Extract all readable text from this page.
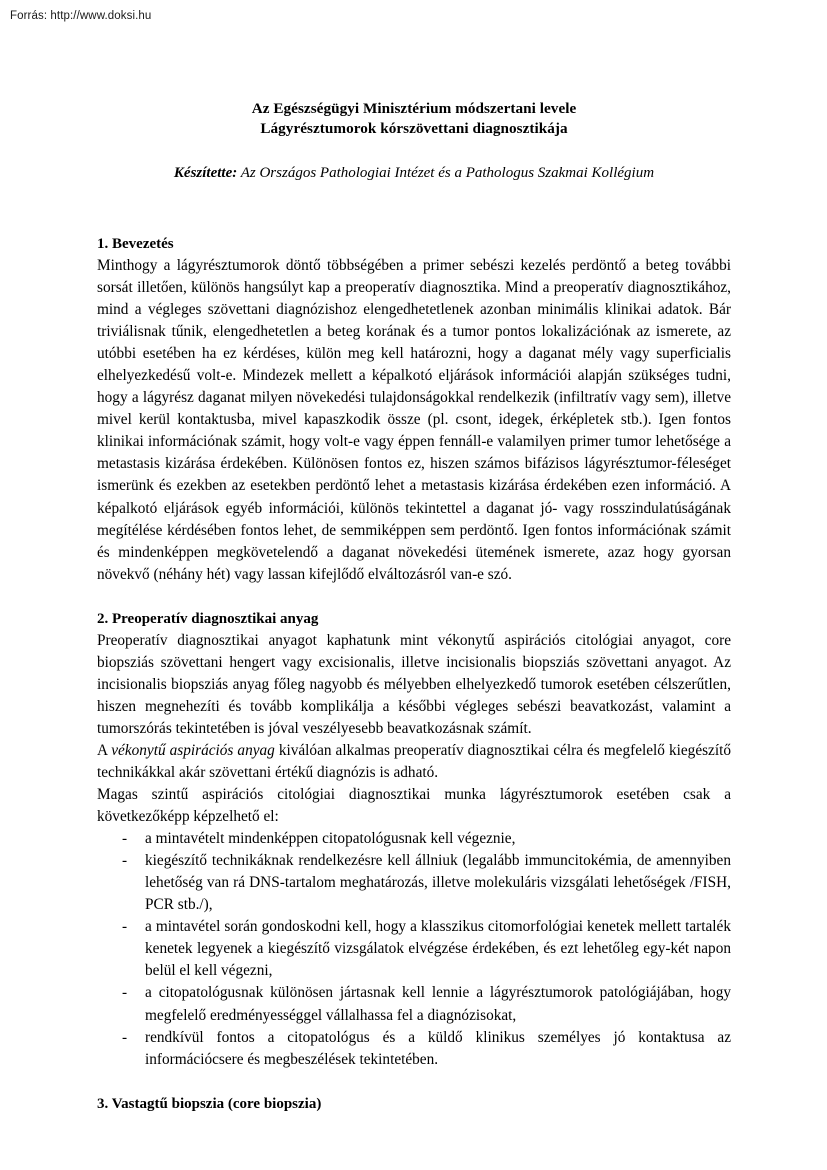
Forrás: http://www.doksi.hu
Az Egészségügyi Minisztérium módszertani levele
Lágyrésztumorok kórszövettani diagnosztikája
Készítette: Az Országos Pathologiai Intézet és a Pathologus Szakmai Kollégium
1. Bevezetés

Minthogy a lágyrésztumorok döntő többségében a primer sebészi kezelés perdöntő a beteg további sorsát illetően, különös hangsúlyt kap a preoperatív diagnosztika. Mind a preoperatív diagnosztikához, mind a végleges szövettani diagnózishoz elengedhetetlenek azonban minimális klinikai adatok. Bár triviálisnak tűnik, elengedhetetlen a beteg korának és a tumor pontos lokalizációnak az ismerete, az utóbbi esetében ha ez kérdéses, külön meg kell határozni, hogy a daganat mély vagy superficialis elhelyezkedésű volt-e. Mindezek mellett a képalkotó eljárások információi alapján szükséges tudni, hogy a lágyrész daganat milyen növekedési tulajdonságokkal rendelkezik (infiltratív vagy sem), illetve mivel kerül kontaktusba, mivel kapaszkodik össze (pl. csont, idegek, érképletek stb.). Igen fontos klinikai információnak számit, hogy volt-e vagy éppen fennáll-e valamilyen primer tumor lehetősége a metastasis kizárása érdekében. Különösen fontos ez, hiszen számos bifázisos lágyrésztumor-féleséget ismerünk és ezekben az esetekben perdöntő lehet a metastasis kizárása érdekében ezen információ. A képalkotó eljárások egyéb információi, különös tekintettel a daganat jó- vagy rosszindulatúságának megítélése kérdésében fontos lehet, de semmiképpen sem perdöntő. Igen fontos információnak számit és mindenképpen megkövetelendő a daganat növekedési ütemének ismerete, azaz hogy gyorsan növekvő (néhány hét) vagy lassan kifejlődő elváltozásról van-e szó.

2. Preoperatív diagnosztikai anyag

Preoperatív diagnosztikai anyagot kaphatunk mint vékonytű aspirációs citológiai anyagot, core biopsziás szövettani hengert vagy excisionalis, illetve incisionalis biopsziás szövettani anyagot. Az incisionalis biopsziás anyag főleg nagyobb és mélyebben elhelyezkedő tumorok esetében célszerűtlen, hiszen megnehezíti és tovább komplikálja a későbbi végleges sebészi beavatkozást, valamint a tumorszórás tekintetében is jóval veszélyesebb beavatkozásnak számít.

A vékonytű aspirációs anyag kiválóan alkalmas preoperatív diagnosztikai célra és megfelelő kiegészítő technikákkal akár szövettani értékű diagnózis is adható.

Magas szintű aspirációs citológiai diagnosztikai munka lágyrésztumorok esetében csak a következőképp képzelhető el:

- a mintavételt mindenképpen citopatológusnak kell végeznie,
- kiegészítő technikáknak rendelkezésre kell állniuk (legalább immuncitokémia, de amennyiben lehetőség van rá DNS-tartalom meghatározás, illetve molekuláris vizsgálati lehetőségek /FISH, PCR stb./),
- a mintavétel során gondoskodni kell, hogy a klasszikus citomorfológiai kenetek mellett tartalék kenetek legyenek a kiegészítő vizsgálatok elvégzése érdekében, és ezt lehetőleg egy-két napon belül el kell végezni,
- a citopatológusnak különösen jártasnak kell lennie a lágyrésztumorok patológiájában, hogy megfelelő eredményességgel vállalhassa fel a diagnózisokat,
- rendkívül fontos a citopatológus és a küldő klinikus személyes jó kontaktusa az információcsere és megbeszélések tekintetében.
3. Vastagtű biopszia (core biopszia)
